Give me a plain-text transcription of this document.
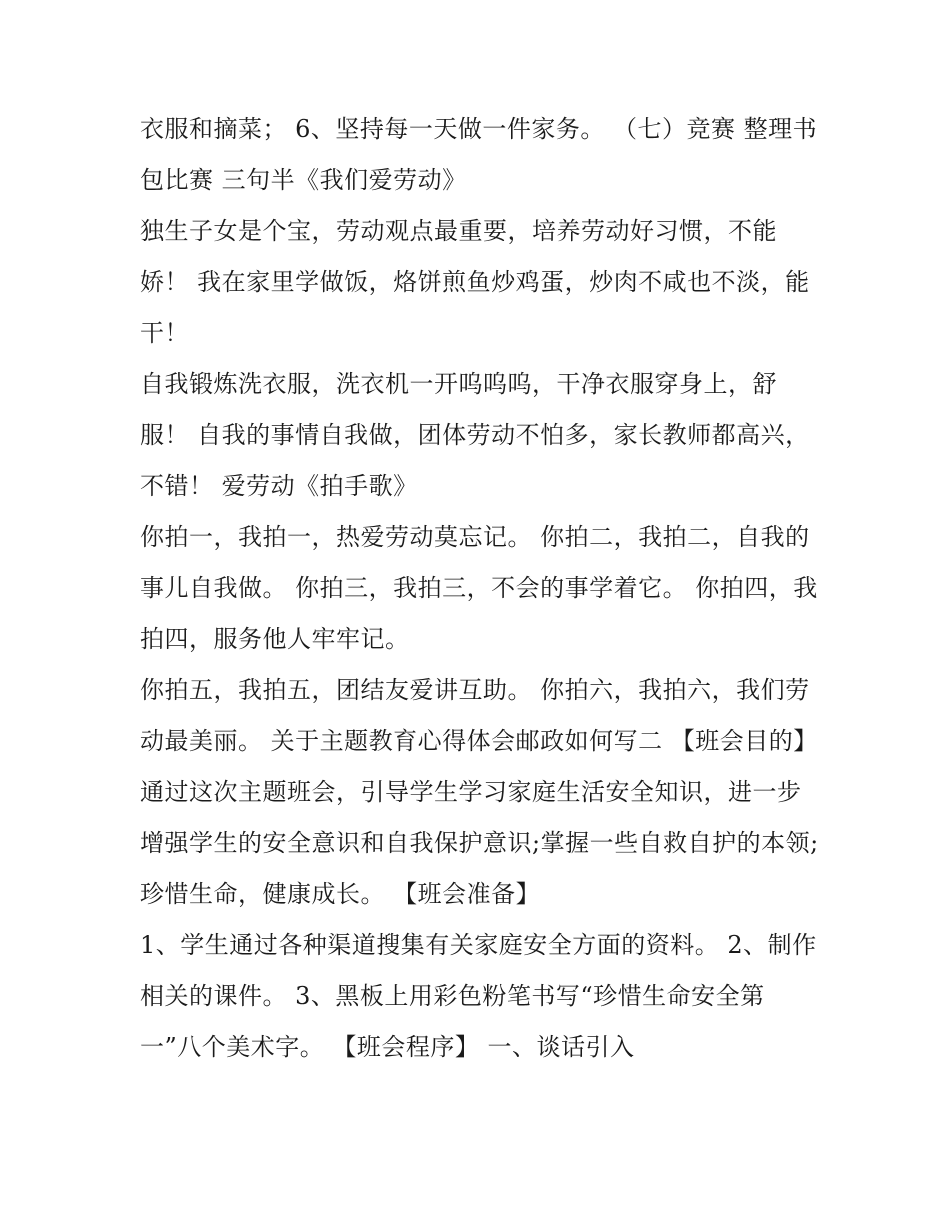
衣服和摘菜； 6、坚持每一天做一件家务。 （七）竞赛 整理书包比赛 三句半《我们爱劳动》

独生子女是个宝，劳动观点最重要，培养劳动好习惯，不能娇！ 我在家里学做饭，烙饼煎鱼炒鸡蛋，炒肉不咸也不淡，能干！

自我锻炼洗衣服，洗衣机一开呜呜呜，干净衣服穿身上，舒服！ 自我的事情自我做，团体劳动不怕多，家长教师都高兴，不错！ 爱劳动《拍手歌》

你拍一，我拍一，热爱劳动莫忘记。 你拍二，我拍二，自我的事儿自我做。 你拍三，我拍三，不会的事学着它。 你拍四，我拍四，服务他人牢牢记。

你拍五，我拍五，团结友爱讲互助。 你拍六，我拍六，我们劳动最美丽。 关于主题教育心得体会邮政如何写二 【班会目的】

通过这次主题班会，引导学生学习家庭生活安全知识，进一步增强学生的安全意识和自我保护意识;掌握一些自救自护的本领;珍惜生命，健康成长。 【班会准备】

1、学生通过各种渠道搜集有关家庭安全方面的资料。 2、制作相关的课件。 3、黑板上用彩色粉笔书写“珍惜生命安全第一”八个美术字。 【班会程序】 一、谈话引入
